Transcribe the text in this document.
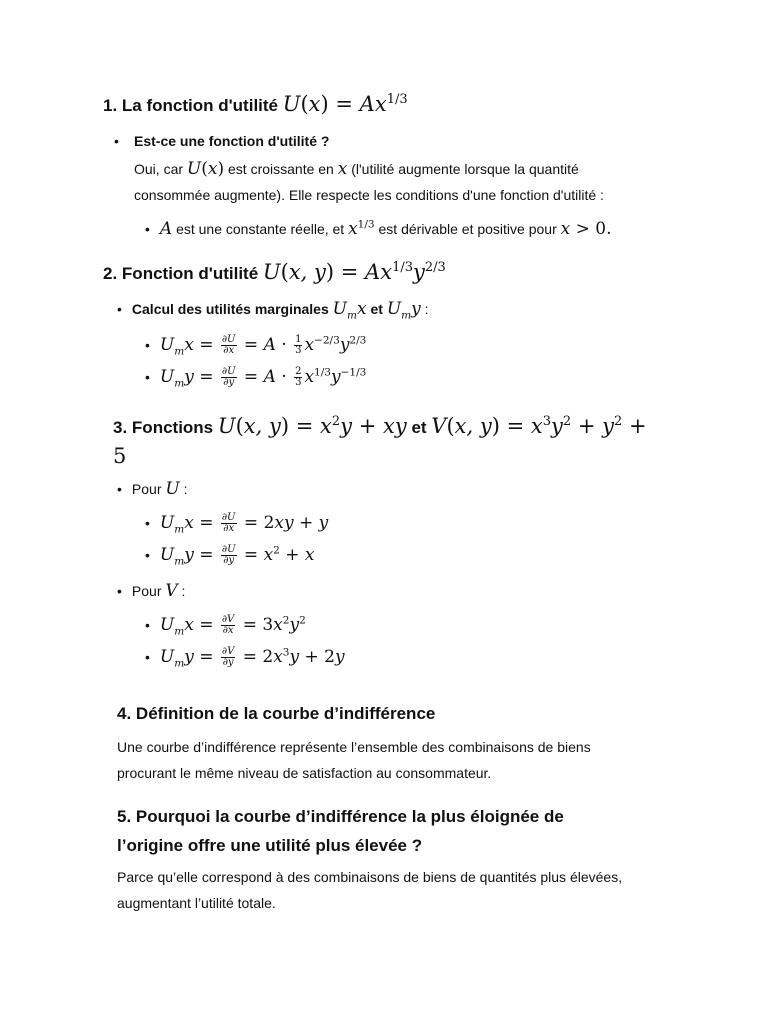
1. La fonction d'utilité $U(x) = Ax^{1/3}$
• Est-ce une fonction d'utilité ?

Oui, car U(x) est croissante en x (l'utilité augmente lorsque la quantité

consommée augmente). Elle respecte les conditions d'une fonction d'utilité :

• A est une constante réelle, et $x^{1/3}$ est dérivable et positive pour x > 0.

2. Fonction d'utilité U(x, $y) = Ax^{1/3}y^{2/3}$

• Calcul des utilités marginales $U_mx$ et $U_my$ :

• $U_mx = \frac{\partial U}{\partial x} = A \cdot \frac{1}{3} x^{-2/3}y^{2/3}$

• $U_my = \frac{\partial U}{\partial y} = A \cdot \frac{2}{3} x^{1/3}y^{-1/3}$

3. Fonctions U(x, $y) = x^2y$ + xy et V(x, $y) = x^3y^2 + y^2$ +
5

• Pour U :

• $U_mx = \frac{\partial U}{\partial x} = 2xy + y$

• $U_my = \frac{\partial U}{\partial y} = x^2 + x$

• Pour V :

• $U_mx = \frac{\partial V}{\partial x} = 3x^2y^2$

• $U_my = \frac{\partial V}{\partial y} = 2x^3y + 2y$

4. Définition de la courbe d’indifférence

Une courbe d’indifférence représente l’ensemble des combinaisons de biens

procurant le même niveau de satisfaction au consommateur.

5. Pourquoi la courbe d’indifférence la plus éloignée de
l’origine offre une utilité plus élevée ?

Parce qu’elle correspond à des combinaisons de biens de quantités plus élevées,

augmentant l’utilité totale.
